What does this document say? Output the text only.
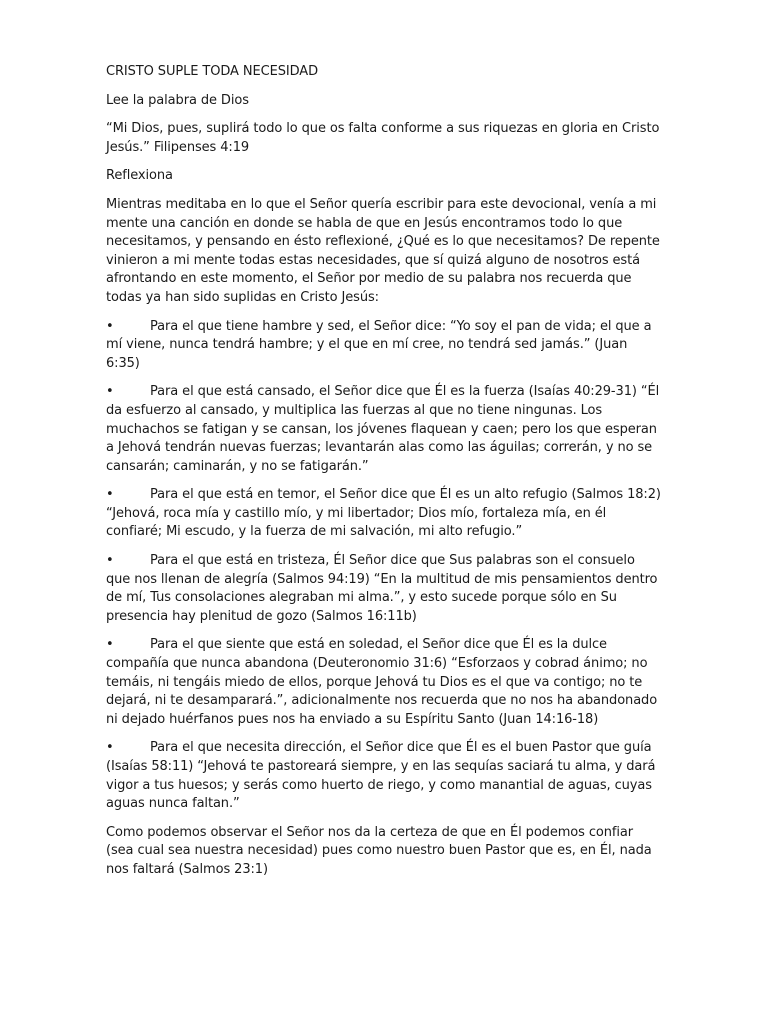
CRISTO SUPLE TODA NECESIDAD
Lee la palabra de Dios
“Mi Dios, pues, suplirá todo lo que os falta conforme a sus riquezas en gloria en Cristo Jesús.” Filipenses 4:19
Reflexiona
Mientras meditaba en lo que el Señor quería escribir para este devocional, venía a mi mente una canción en donde se habla de que en Jesús encontramos todo lo que necesitamos, y pensando en ésto reflexioné, ¿Qué es lo que necesitamos? De repente vinieron a mi mente todas estas necesidades, que sí quizá alguno de nosotros está afrontando en este momento, el Señor por medio de su palabra nos recuerda que todas ya han sido suplidas en Cristo Jesús:
•	Para el que tiene hambre y sed, el Señor dice: “Yo soy el pan de vida; el que a mí viene, nunca tendrá hambre; y el que en mí cree, no tendrá sed jamás.” (Juan 6:35)
•	Para el que está cansado, el Señor dice que Él es la fuerza (Isaías 40:29-31) “Él da esfuerzo al cansado, y multiplica las fuerzas al que no tiene ningunas. Los muchachos se fatigan y se cansan, los jóvenes flaquean y caen; pero los que esperan a Jehová tendrán nuevas fuerzas; levantarán alas como las águilas; correrán, y no se cansarán; caminarán, y no se fatigarán.”
•	Para el que está en temor, el Señor dice que Él es un alto refugio (Salmos 18:2) “Jehová, roca mía y castillo mío, y mi libertador; Dios mío, fortaleza mía, en él confiaré; Mi escudo, y la fuerza de mi salvación, mi alto refugio.”
•	Para el que está en tristeza, Él Señor dice que Sus palabras son el consuelo que nos llenan de alegría (Salmos 94:19) “En la multitud de mis pensamientos dentro de mí, Tus consolaciones alegraban mi alma.”, y esto sucede porque sólo en Su presencia hay plenitud de gozo (Salmos 16:11b)
•	Para el que siente que está en soledad, el Señor dice que Él es la dulce compañía que nunca abandona (Deuteronomio 31:6) “Esforzaos y cobrad ánimo; no temáis, ni tengáis miedo de ellos, porque Jehová tu Dios es el que va contigo; no te dejará, ni te desamparará.”, adicionalmente nos recuerda que no nos ha abandonado ni dejado huérfanos pues nos ha enviado a su Espíritu Santo (Juan 14:16-18)
•	Para el que necesita dirección, el Señor dice que Él es el buen Pastor que guía (Isaías 58:11) “Jehová te pastoreará siempre, y en las sequías saciará tu alma, y dará vigor a tus huesos; y serás como huerto de riego, y como manantial de aguas, cuyas aguas nunca faltan.”
Como podemos observar el Señor nos da la certeza de que en Él podemos confiar (sea cual sea nuestra necesidad) pues como nuestro buen Pastor que es, en Él, nada nos faltará (Salmos 23:1)
